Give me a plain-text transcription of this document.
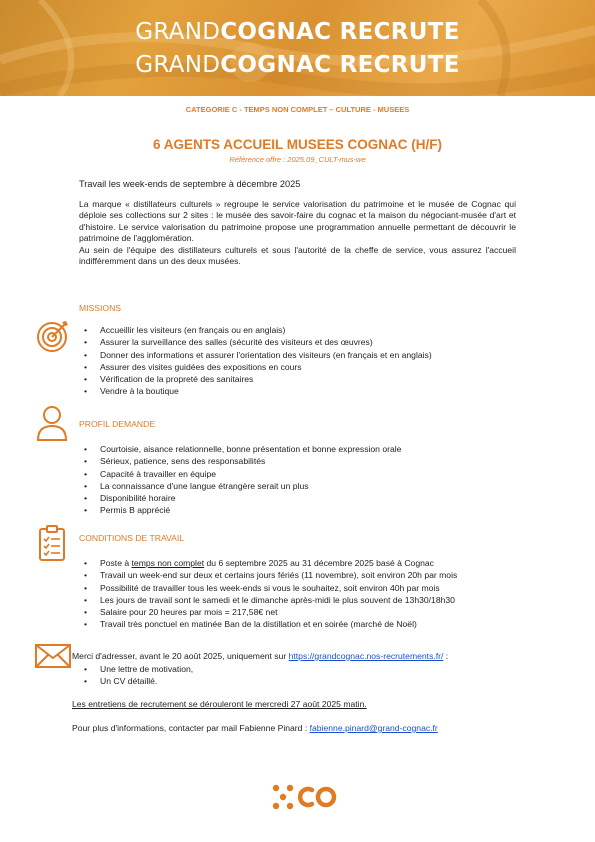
GRANDCOGNAC RECRUTE
GRANDCOGNAC RECRUTE
CATEGORIE C - TEMPS NON COMPLET – CULTURE - MUSEES
6 AGENTS ACCUEIL MUSEES COGNAC (H/F)
Référence offre : 2025.09_CULT-mus-we
Travail les week-ends de septembre à décembre 2025

La marque « distillateurs culturels » regroupe le service valorisation du patrimoine et le musée de Cognac qui déploie ses collections sur 2 sites : le musée des savoir-faire du cognac et la maison du négociant-musée d'art et d'histoire. Le service valorisation du patrimoine propose une programmation annuelle permettant de découvrir le patrimoine de l'agglomération.

Au sein de l'équipe des distillateurs culturels et sous l'autorité de la cheffe de service, vous assurez l'accueil indifféremment dans un des deux musées.

MISSIONS
• Accueillir les visiteurs (en français ou en anglais)
• Assurer la surveillance des salles (sécurité des visiteurs et des œuvres)
• Donner des informations et assurer l'orientation des visiteurs (en français et en anglais)
• Assurer des visites guidées des expositions en cours
• Vérification de la propreté des sanitaires
• Vendre à la boutique
PROFIL DEMANDE
• Courtoisie, aisance relationnelle, bonne présentation et bonne expression orale
• Sérieux, patience, sens des responsabilités
• Capacité à travailler en équipe
• La connaissance d'une langue étrangère serait un plus
• Disponibilité horaire
• Permis B apprécié
CONDITIONS DE TRAVAIL
• Poste à temps non complet du 6 septembre 2025 au 31 décembre 2025 basé à Cognac
• Travail un week-end sur deux et certains jours fériés (11 novembre), soit environ 20h par mois
• Possibilité de travailler tous les week-ends si vous le souhaitez, soit environ 40h par mois
• Les jours de travail sont le samedi et le dimanche après-midi le plus souvent de 13h30/18h30
• Salaire pour 20 heures par mois = 217,58€ net
• Travail très ponctuel en matinée Ban de la distillation et en soirée (marché de Noël)
Merci d'adresser, avant le 20 août 2025, uniquement sur https://grandcognac.nos-recrutements.fr/ :
• Une lettre de motivation,
• Un CV détaillé.
Les entretiens de recrutement se dérouleront le mercredi 27 août 2025 matin.
Pour plus d'informations, contacter par mail Fabienne Pinard : fabienne.pinard@grand-cognac.fr
